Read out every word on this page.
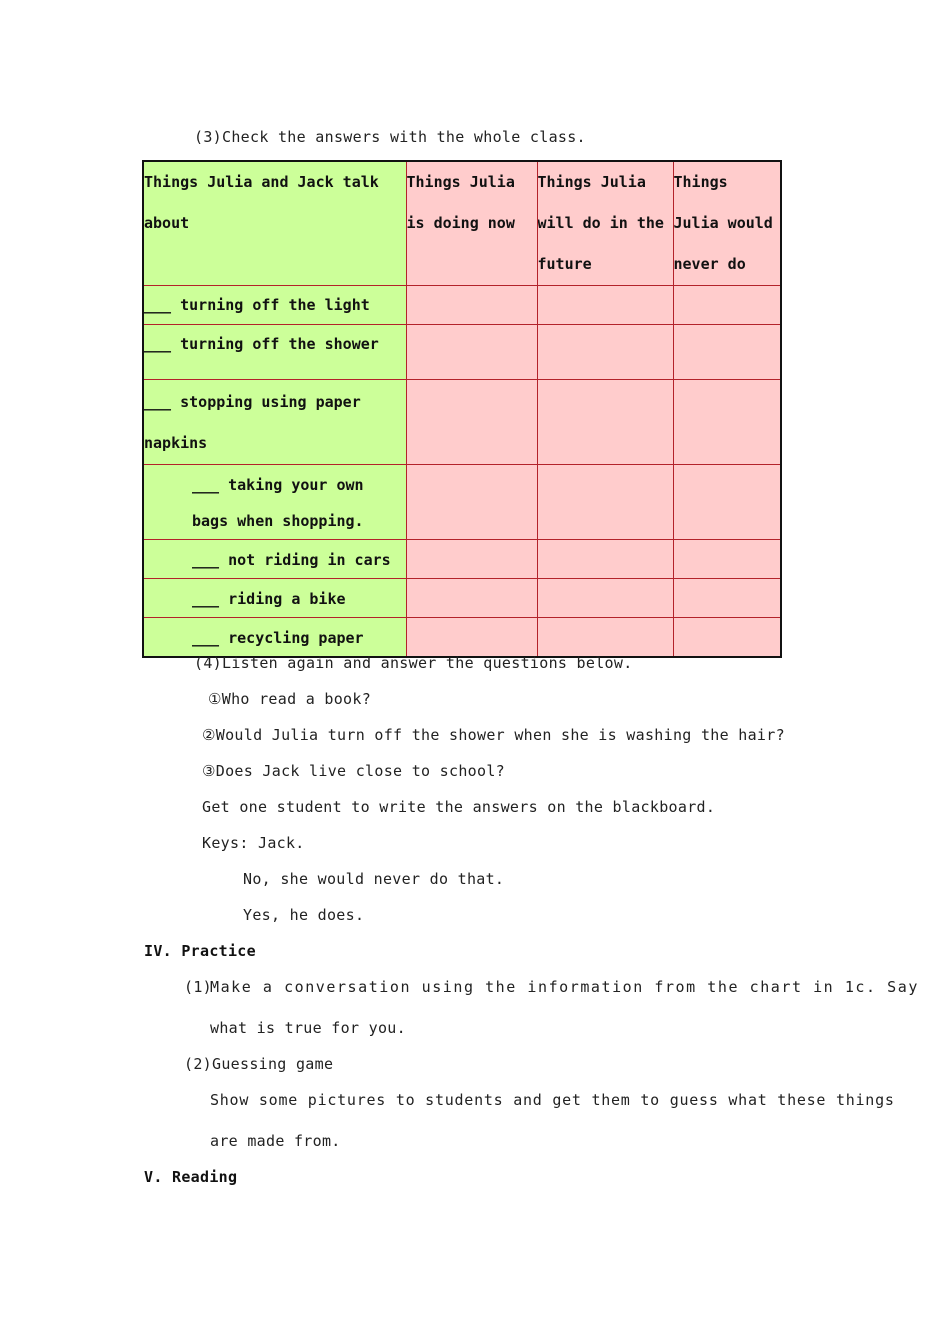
(3)Check the answers with the whole class.
Things Julia and Jack talk about	Things Julia is doing now	Things Julia will do in the future	Things Julia would never do

___ turning off the light			

___ turning off the shower			

___ stopping using paper napkins			

___ taking your own bags when shopping.			

___ not riding in cars			

___ riding a bike			

___ recycling paper			

(4)Listen again and answer the questions below.
①Who read a book?
②Would Julia turn off the shower when she is washing the hair?
③Does Jack live close to school?
Get one student to write the answers on the blackboard.
Keys: Jack.
No, she would never do that.
Yes, he does.
IV. Practice
(1)
Make a conversation using the information from the chart in 1c. Say
what is true for you.
(2)Guessing game
Show some pictures to students and get them to guess what these things
are made from.
V. Reading
